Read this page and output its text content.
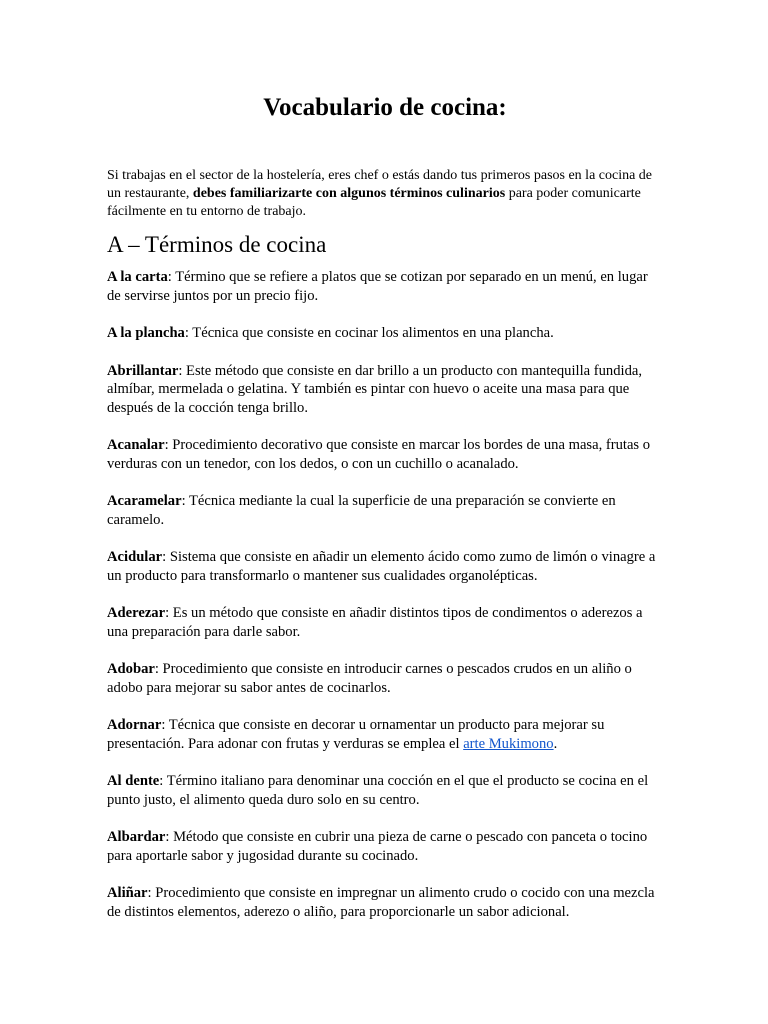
Vocabulario de cocina:

Si trabajas en el sector de la hostelería, eres chef o estás dando tus primeros pasos en la cocina de un restaurante, debes familiarizarte con algunos términos culinarios para poder comunicarte fácilmente en tu entorno de trabajo.

A – Términos de cocina

A la carta: Término que se refiere a platos que se cotizan por separado en un menú, en lugar de servirse juntos por un precio fijo.

A la plancha: Técnica que consiste en cocinar los alimentos en una plancha.

Abrillantar: Este método que consiste en dar brillo a un producto con mantequilla fundida, almíbar, mermelada o gelatina. Y también es pintar con huevo o aceite una masa para que después de la cocción tenga brillo.

Acanalar: Procedimiento decorativo que consiste en marcar los bordes de una masa, frutas o verduras con un tenedor, con los dedos, o con un cuchillo o acanalado.

Acaramelar: Técnica mediante la cual la superficie de una preparación se convierte en caramelo.

Acidular: Sistema que consiste en añadir un elemento ácido como zumo de limón o vinagre a un producto para transformarlo o mantener sus cualidades organolépticas.

Aderezar: Es un método que consiste en añadir distintos tipos de condimentos o aderezos a una preparación para darle sabor.

Adobar: Procedimiento que consiste en introducir carnes o pescados crudos en un aliño o adobo para mejorar su sabor antes de cocinarlos.

Adornar: Técnica que consiste en decorar u ornamentar un producto para mejorar su presentación. Para adonar con frutas y verduras se emplea el arte Mukimono.

Al dente: Término italiano para denominar una cocción en el que el producto se cocina en el punto justo, el alimento queda duro solo en su centro.

Albardar: Método que consiste en cubrir una pieza de carne o pescado con panceta o tocino para aportarle sabor y jugosidad durante su cocinado.

Aliñar: Procedimiento que consiste en impregnar un alimento crudo o cocido con una mezcla de distintos elementos, aderezo o aliño, para proporcionarle un sabor adicional.
